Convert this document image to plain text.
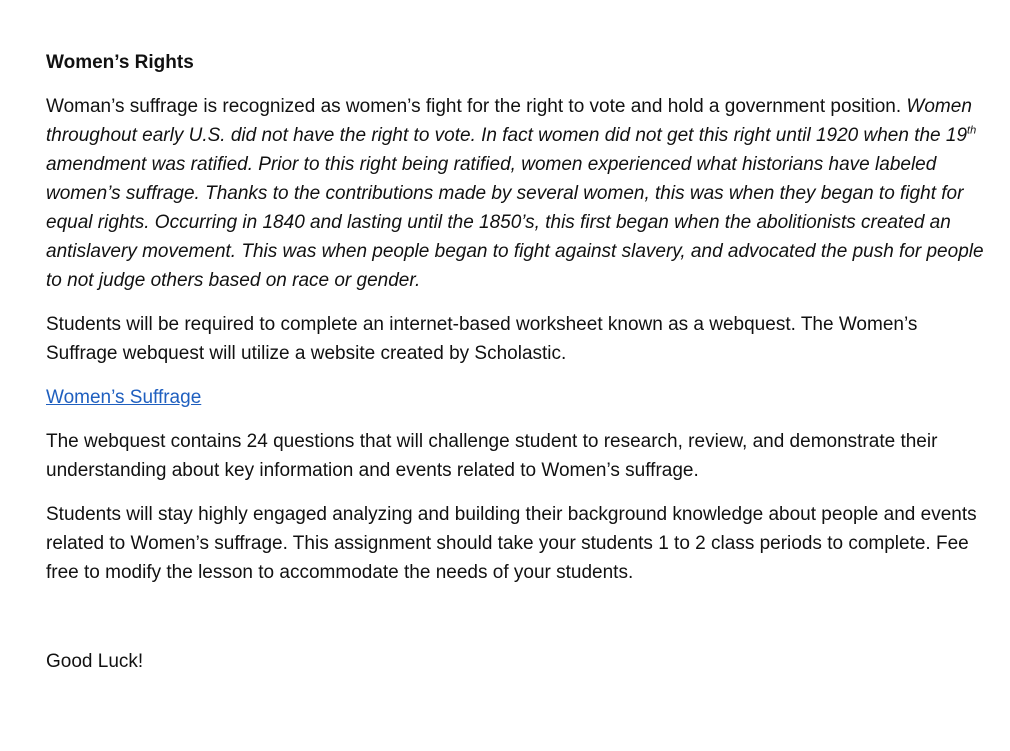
Women’s Rights

Woman’s suffrage is recognized as women’s fight for the right to vote and hold a government position. Women throughout early U.S. did not have the right to vote. In fact women did not get this right until 1920 when the 19th amendment was ratified. Prior to this right being ratified, women experienced what historians have labeled women’s suffrage. Thanks to the contributions made by several women, this was when they began to fight for equal rights. Occurring in 1840 and lasting until the 1850’s, this first began when the abolitionists created an antislavery movement. This was when people began to fight against slavery, and advocated the push for people to not judge others based on race or gender.

Students will be required to complete an internet-based worksheet known as a webquest. The Women’s Suffrage webquest will utilize a website created by Scholastic.

Women’s Suffrage

The webquest contains 24 questions that will challenge student to research, review, and demonstrate their understanding about key information and events related to Women’s suffrage.

Students will stay highly engaged analyzing and building their background knowledge about people and events related to Women’s suffrage. This assignment should take your students 1 to 2 class periods to complete. Fee free to modify the lesson to accommodate the needs of your students.

Good Luck!
